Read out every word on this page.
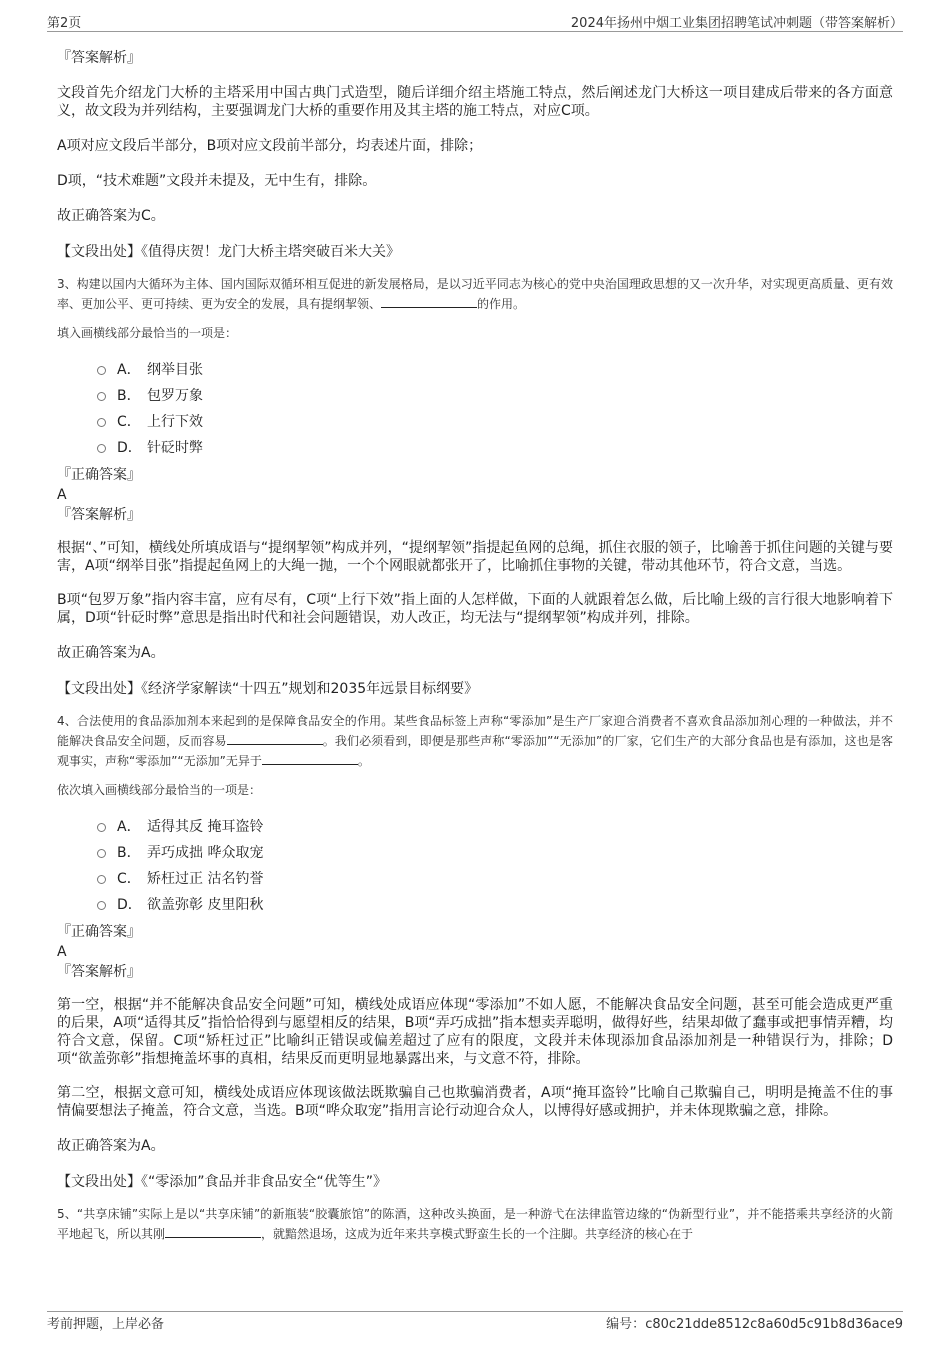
第2页	2024年扬州中烟工业集团招聘笔试冲刺题（带答案解析）
『答案解析』
文段首先介绍龙门大桥的主塔采用中国古典门式造型，随后详细介绍主塔施工特点，然后阐述龙门大桥这一项目建成后带来的各方面意义，故文段为并列结构，主要强调龙门大桥的重要作用及其主塔的施工特点，对应C项。
A项对应文段后半部分，B项对应文段前半部分，均表述片面，排除；
D项，“技术难题”文段并未提及，无中生有，排除。
故正确答案为C。
【文段出处】《值得庆贺！龙门大桥主塔突破百米大关》
3、构建以国内大循环为主体、国内国际双循环相互促进的新发展格局，是以习近平同志为核心的党中央治国理政思想的又一次升华，对实现更高质量、更有效率、更加公平、更可持续、更为安全的发展，具有提纲挈领、	的作用。
填入画横线部分最恰当的一项是：
A． 纲举目张
B． 包罗万象
C． 上行下效
D． 针砭时弊
『正确答案』
A
『答案解析』
根据“、”可知，横线处所填成语与“提纲挈领”构成并列，“提纲挈领”指提起鱼网的总绳，抓住衣服的领子，比喻善于抓住问题的关键与要害，A项“纲举目张”指提起鱼网上的大绳一抛，一个个网眼就都张开了，比喻抓住事物的关键，带动其他环节，符合文意，当选。
B项“包罗万象”指内容丰富，应有尽有，C项“上行下效”指上面的人怎样做，下面的人就跟着怎么做，后比喻上级的言行很大地影响着下属，D项“针砭时弊”意思是指出时代和社会问题错误，劝人改正，均无法与“提纲挈领”构成并列，排除。
故正确答案为A。
【文段出处】《经济学家解读“十四五”规划和2035年远景目标纲要》
4、合法使用的食品添加剂本来起到的是保障食品安全的作用。某些食品标签上声称“零添加”是生产厂家迎合消费者不喜欢食品添加剂心理的一种做法，并不能解决食品安全问题，反而容易	。我们必须看到，即便是那些声称“零添加”“无添加”的厂家，它们生产的大部分食品也是有添加，这也是客观事实，声称“零添加”“无添加”无异于	。
依次填入画横线部分最恰当的一项是：
A． 适得其反 掩耳盗铃
B． 弄巧成拙 哗众取宠
C． 矫枉过正 沽名钓誉
D． 欲盖弥彰 皮里阳秋
『正确答案』
A
『答案解析』
第一空，根据“并不能解决食品安全问题”可知，横线处成语应体现“零添加”不如人愿，不能解决食品安全问题，甚至可能会造成更严重的后果，A项“适得其反”指恰恰得到与愿望相反的结果，B项“弄巧成拙”指本想卖弄聪明，做得好些，结果却做了蠢事或把事情弄糟，均符合文意，保留。C项“矫枉过正”比喻纠正错误或偏差超过了应有的限度，文段并未体现添加食品添加剂是一种错误行为，排除；D项“欲盖弥彰”指想掩盖坏事的真相，结果反而更明显地暴露出来，与文意不符，排除。
第二空，根据文意可知，横线处成语应体现该做法既欺骗自己也欺骗消费者，A项“掩耳盗铃”比喻自己欺骗自己，明明是掩盖不住的事情偏要想法子掩盖，符合文意，当选。B项“哗众取宠”指用言论行动迎合众人，以博得好感或拥护，并未体现欺骗之意，排除。
故正确答案为A。
【文段出处】《“零添加”食品并非食品安全“优等生”》
5、“共享床铺”实际上是以“共享床铺”的新瓶装“胶囊旅馆”的陈酒，这种改头换面，是一种游弋在法律监管边缘的“伪新型行业”，并不能搭乘共享经济的火箭平地起飞，所以其刚	，就黯然退场，这成为近年来共享模式野蛮生长的一个注脚。共享经济的核心在于
考前押题，上岸必备	编号：c80c21dde8512c8a60d5c91b8d36ace9
